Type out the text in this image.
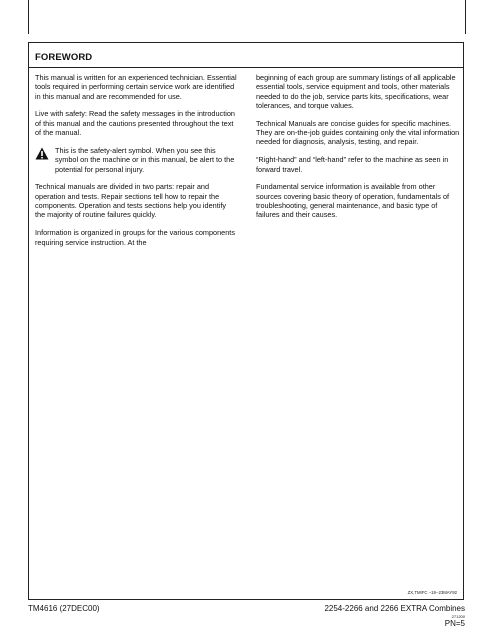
FOREWORD

This manual is written for an experienced technician. Essential tools required in performing certain service work are identified in this manual and are recommended for use.

Live with safety: Read the safety messages in the introduction of this manual and the cautions presented throughout the text of the manual.

This is the safety-alert symbol. When you see this symbol on the machine or in this manual, be alert to the potential for personal injury.

Technical manuals are divided in two parts: repair and operation and tests. Repair sections tell how to repair the components. Operation and tests sections help you identify the majority of routine failures quickly.

Information is organized in groups for the various components requiring service instruction. At the

beginning of each group are summary listings of all applicable essential tools, service equipment and tools, other materials needed to do the job, service parts kits, specifications, wear tolerances, and torque values.

Technical Manuals are concise guides for specific machines. They are on-the-job guides containing only the vital information needed for diagnosis, analysis, testing, and repair.

“Right-hand” and “left-hand” refer to the machine as seen in forward travel.

Fundamental service information is available from other sources covering basic theory of operation, fundamentals of troubleshooting, general maintenance, and basic type of failures and their causes.

ZX,TMIFC −19−23MAY92
TM4616 (27DEC00)	2254-2266 and 2266 EXTRA Combines
271200
PN=5
